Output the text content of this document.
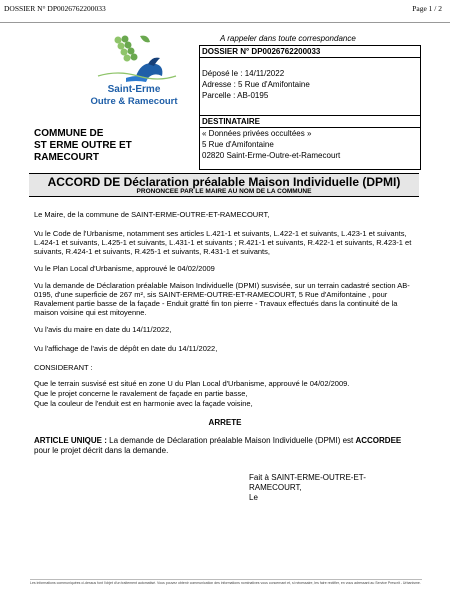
DOSSIER N° DP0026762200033	Page 1 / 2
Saint-Erme
Outre & Ramecourt
A rappeler dans toute correspondance
DOSSIER N° DP0026762200033
Déposé le : 14/11/2022
Adresse : 5 Rue d'Amifontaine
Parcelle : AB-0195
DESTINATAIRE
« Données privées occultées »
5 Rue d'Amifontaine
02820 Saint-Erme-Outre-et-Ramecourt
COMMUNE DE
ST ERME OUTRE ET
RAMECOURT
ACCORD DE Déclaration préalable Maison Individuelle (DPMI)
PRONONCEE PAR LE MAIRE AU NOM DE LA COMMUNE
Le Maire, de la commune de SAINT-ERME-OUTRE-ET-RAMECOURT,
Vu le Code de l'Urbanisme, notamment ses articles L.421-1 et suivants, L.422-1 et suivants, L.423-1 et suivants, L.424-1 et suivants, L.425-1 et suivants, L.431-1 et suivants ; R.421-1 et suivants, R.422-1 et suivants, R.423-1 et suivants, R.424-1 et suivants, R.425-1 et suivants, R.431-1 et suivants,
Vu le Plan Local d'Urbanisme, approuvé le 04/02/2009
Vu la demande de Déclaration préalable Maison Individuelle (DPMI) susvisée, sur un terrain cadastré section AB-0195, d'une superficie de 267 m², sis SAINT-ERME-OUTRE-ET-RAMECOURT, 5 Rue d'Amifontaine , pour Ravalement partie basse de la façade - Enduit gratté fin ton pierre - Travaux effectués dans la continuité de la maison voisine qui est mitoyenne.
Vu l'avis du maire en date du 14/11/2022,
Vu l'affichage de l'avis de dépôt en date du 14/11/2022,
CONSIDERANT :
Que le terrain susvisé est situé en zone U du Plan Local d'Urbanisme, approuvé le 04/02/2009.
Que le projet concerne le ravalement de façade en partie basse,
Que la couleur de l'enduit est en harmonie avec la façade voisine,
ARRETE
ARTICLE UNIQUE : La demande de Déclaration préalable Maison Individuelle (DPMI) est ACCORDEE
pour le projet décrit dans la demande.
Fait à SAINT-ERME-OUTRE-ET-
RAMECOURT,
Le
Les informations communiquées ci-dessus font l'objet d'un traitement automatisé. Vous pouvez obtenir communication des informations nominatives vous concernant et, si nécessaire, les faire rectifier, en vous adressant au Service Prescrit - Urbanisme.
